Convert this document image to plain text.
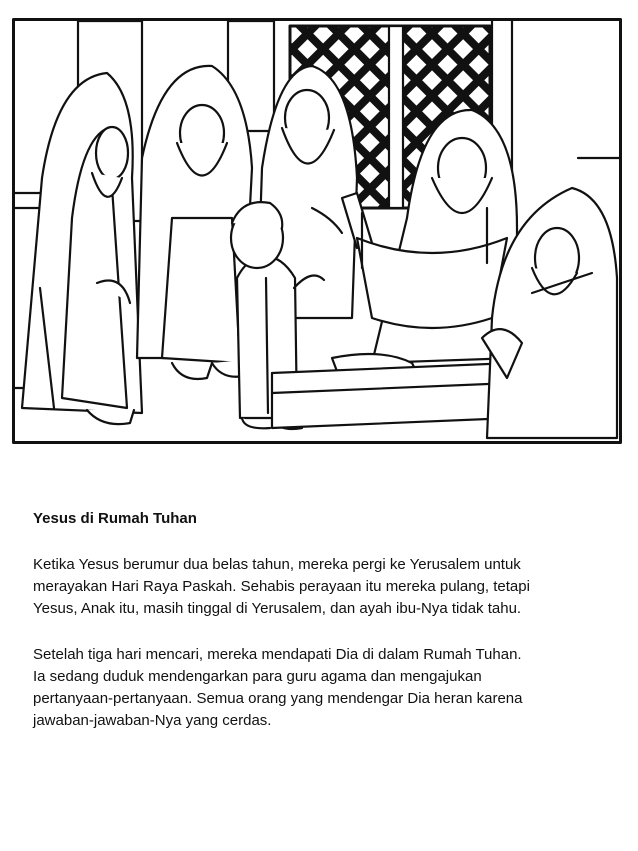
Yesus di Rumah Tuhan
Ketika Yesus berumur dua belas tahun, mereka pergi ke Yerusalem untuk
merayakan Hari Raya Paskah. Sehabis perayaan itu mereka pulang, tetapi
Yesus, Anak itu, masih tinggal di Yerusalem, dan ayah ibu-Nya tidak tahu.
Setelah tiga hari mencari, mereka mendapati Dia di dalam Rumah Tuhan.
Ia sedang duduk mendengarkan para guru agama dan mengajukan
pertanyaan-pertanyaan. Semua orang yang mendengar Dia heran karena
jawaban-jawaban-Nya yang cerdas.
